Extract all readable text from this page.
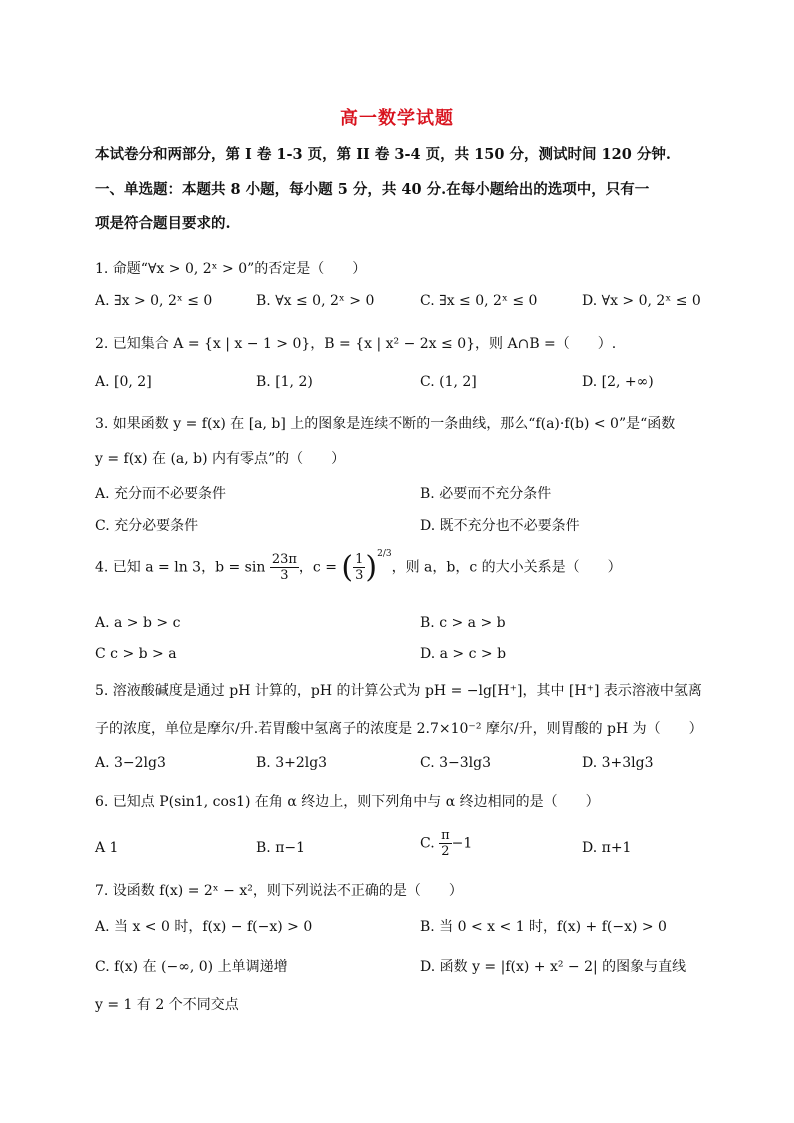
高一数学试题
本试卷分和两部分，第 I 卷 1-3 页，第 II 卷 3-4 页，共 150 分，测试时间 120 分钟.
一、单选题：本题共 8 小题，每小题 5 分，共 40 分.在每小题给出的选项中，只有一
项是符合题目要求的.
1. 命题“∀x > 0, 2ˣ > 0”的否定是（　　）
A. ∃x > 0, 2ˣ ≤ 0	B. ∀x ≤ 0, 2ˣ > 0	C. ∃x ≤ 0, 2ˣ ≤ 0	D. ∀x > 0, 2ˣ ≤ 0
2. 已知集合 A = {x | x − 1 > 0}，B = {x | x² − 2x ≤ 0}，则 A∩B =（　　）.
A. [0, 2]	B. [1, 2)	C. (1, 2]	D. [2, +∞)
3. 如果函数 y = f(x) 在 [a, b] 上的图象是连续不断的一条曲线，那么“f(a)·f(b) < 0”是“函数
y = f(x) 在 (a, b) 内有零点”的（　　）
A. 充分而不必要条件	B. 必要而不充分条件
C. 充分必要条件	D. 既不充分也不必要条件
4. 已知 a = ln 3，$b = \sin \frac{23\pi}{3}$ ，c = ( $\frac{1}{3} )^{2/3}$，则 a，b，c 的大小关系是（　　）
A. a > b > c	B. c > a > b
C c > b > a	D. a > c > b
5. 溶液酸碱度是通过 pH 计算的，pH 的计算公式为 pH = −lg[H⁺]，其中 [H⁺] 表示溶液中氢离
子的浓度，单位是摩尔/升.若胃酸中氢离子的浓度是 2.7×10⁻² 摩尔/升，则胃酸的 pH 为（　　）
A. 3−2lg3	B. 3+2lg3	C. 3−3lg3	D. 3+3lg3
6. 已知点 P(sin1, cos1) 在角 α 终边上，则下列角中与 α 终边相同的是（　　）
A 1	B. π−1	C. $\frac{\pi}{2} -1$	D. π+1
7. 设函数 f(x) = 2ˣ − x²，则下列说法不正确的是（　　）
A. 当 x < 0 时，f(x) − f(−x) > 0	B. 当 0 < x < 1 时，f(x) + f(−x) > 0
C. f(x) 在 (−∞, 0) 上单调递增	D. 函数 y = |f(x) + x² − 2| 的图象与直线
y = 1 有 2 个不同交点
